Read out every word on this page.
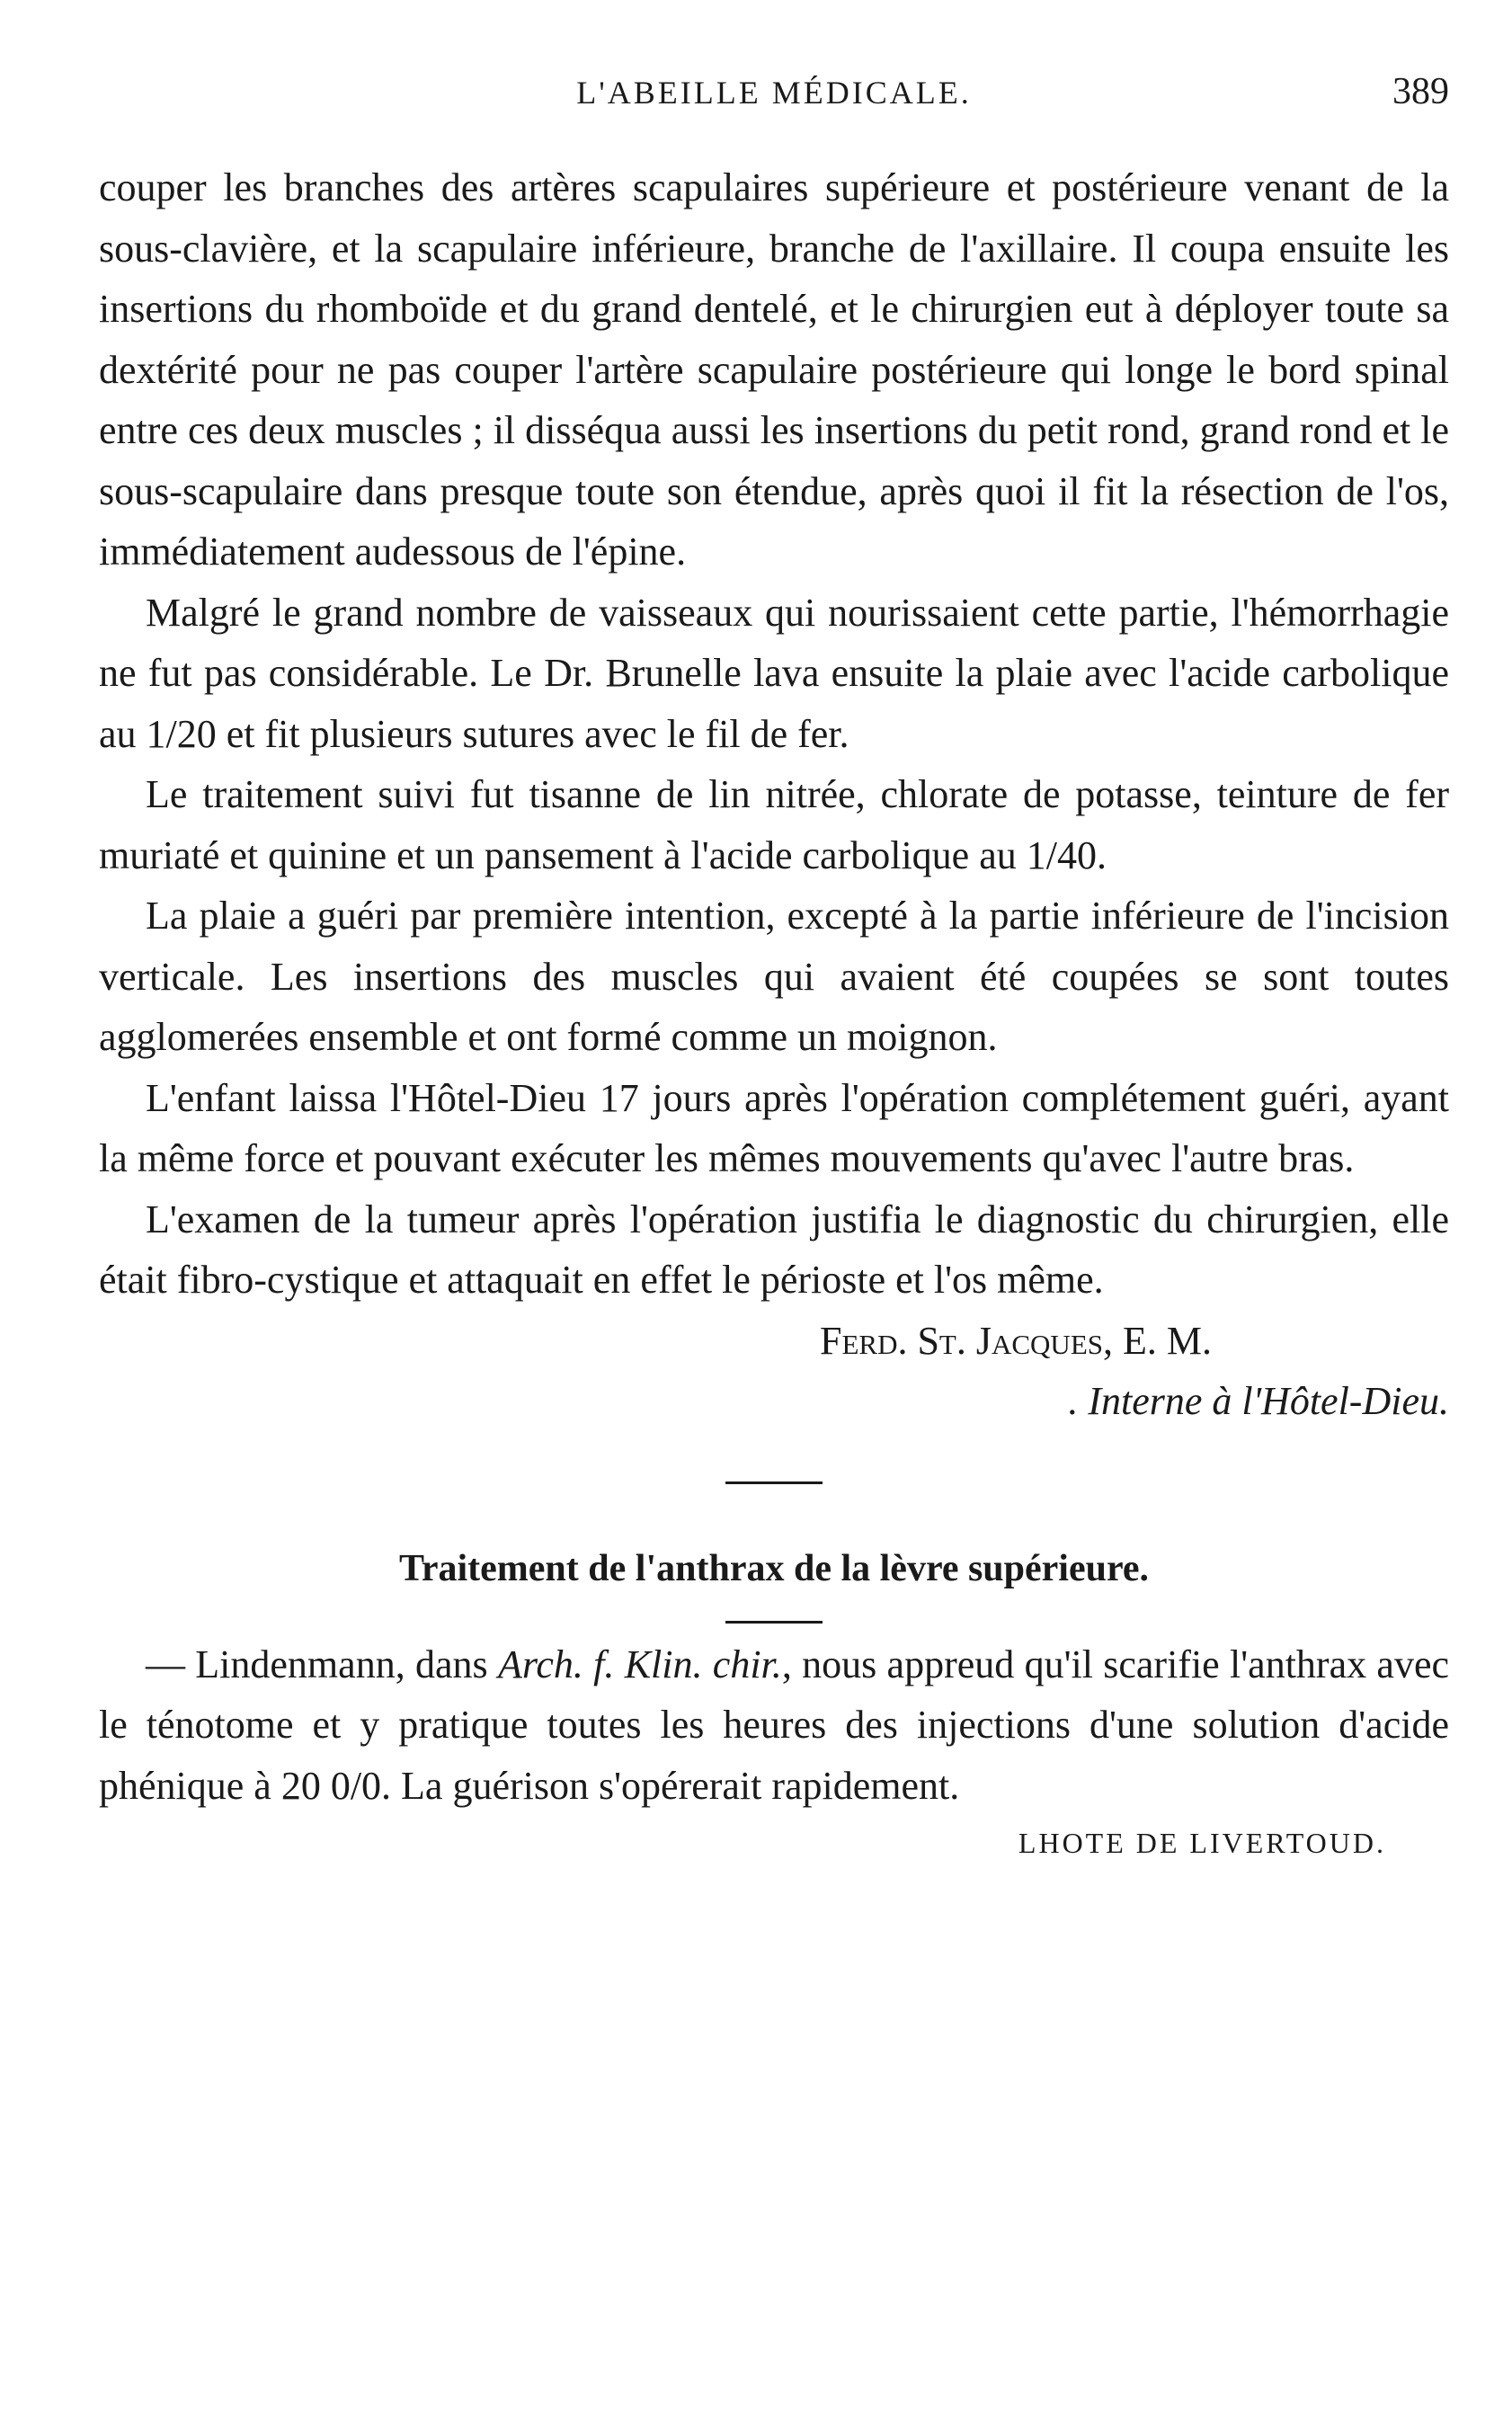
L'ABEILLE MÉDICALE.	389

couper les branches des artères scapulaires supérieure et postérieure venant de la sous-clavière, et la scapulaire inférieure, branche de l'axillaire. Il coupa ensuite les insertions du rhomboïde et du grand dentelé, et le chirurgien eut à déployer toute sa dextérité pour ne pas couper l'artère scapulaire postérieure qui longe le bord spinal entre ces deux muscles ; il disséqua aussi les insertions du petit rond, grand rond et le sous-scapulaire dans presque toute son étendue, après quoi il fit la résection de l'os, immédiatement audessous de l'épine.

Malgré le grand nombre de vaisseaux qui nourissaient cette partie, l'hémorrhagie ne fut pas considérable. Le Dr. Brunelle lava ensuite la plaie avec l'acide carbolique au 1/20 et fit plusieurs sutures avec le fil de fer.

Le traitement suivi fut tisanne de lin nitrée, chlorate de potasse, teinture de fer muriaté et quinine et un pansement à l'acide carbolique au 1/40.

La plaie a guéri par première intention, excepté à la partie inférieure de l'incision verticale. Les insertions des muscles qui avaient été coupées se sont toutes agglomerées ensemble et ont formé comme un moignon.

L'enfant laissa l'Hôtel-Dieu 17 jours après l'opération complétement guéri, ayant la même force et pouvant exécuter les mêmes mouvements qu'avec l'autre bras.

L'examen de la tumeur après l'opération justifia le diagnostic du chirurgien, elle était fibro-cystique et attaquait en effet le périoste et l'os même.

Ferd. St. Jacques, E. M.
. Interne à l'Hôtel-Dieu.
Traitement de l'anthrax de la lèvre supérieure.

— Lindenmann, dans Arch. f. Klin. chir., nous appreud qu'il scarifie l'anthrax avec le ténotome et y pratique toutes les heures des injections d'une solution d'acide phénique à 20 0/0. La guérison s'opérerait rapidement.

LHOTE DE LIVERTOUD.
